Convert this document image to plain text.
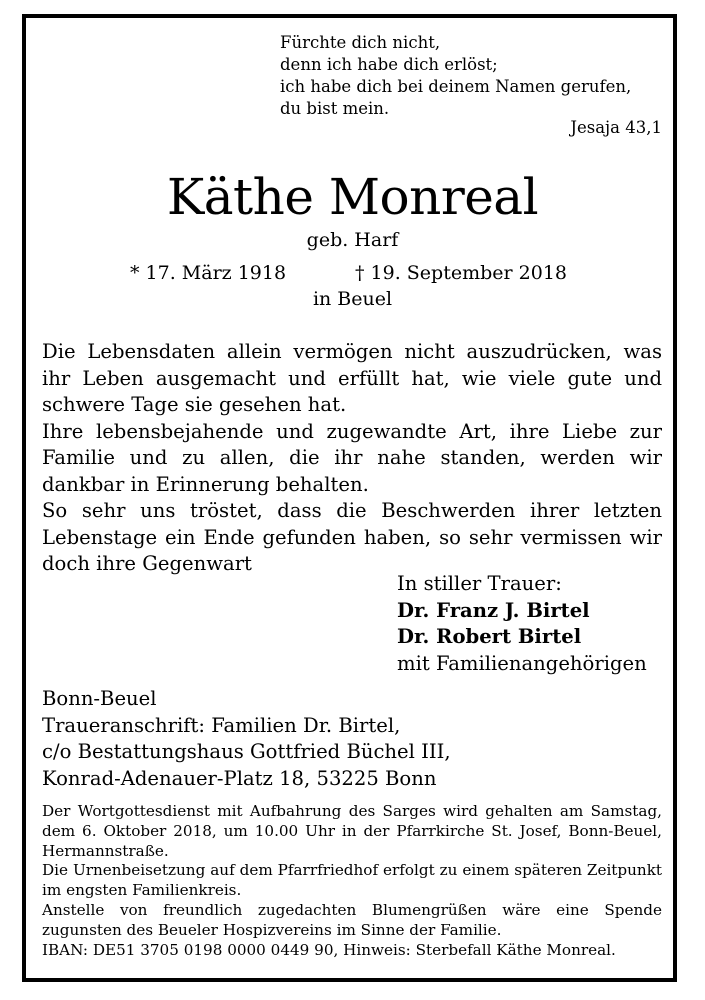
Fürchte dich nicht,
denn ich habe dich erlöst;
ich habe dich bei deinem Namen gerufen,
du bist mein.
Jesaja 43,1
Käthe Monreal
geb. Harf
* 17. März 1918	† 19. September 2018
in Beuel
Die Lebensdaten allein vermögen nicht auszudrücken, was ihr Leben ausgemacht und erfüllt hat, wie viele gute und schwere Tage sie gesehen hat.
Ihre lebensbejahende und zugewandte Art, ihre Liebe zur Familie und zu allen, die ihr nahe standen, werden wir dankbar in Erinnerung behalten.
So sehr uns tröstet, dass die Beschwerden ihrer letzten Lebenstage ein Ende gefunden haben, so sehr vermissen wir doch ihre Gegenwart
In stiller Trauer:
Dr. Franz J. Birtel
Dr. Robert Birtel
mit Familienangehörigen
Bonn-Beuel
Traueranschrift: Familien Dr. Birtel,
c/o Bestattungshaus Gottfried Büchel III,
Konrad-Adenauer-Platz 18, 53225 Bonn
Der Wortgottesdienst mit Aufbahrung des Sarges wird gehalten am Samstag, dem 6. Oktober 2018, um 10.00 Uhr in der Pfarrkirche St. Josef, Bonn-Beuel, Hermannstraße.
Die Urnenbeisetzung auf dem Pfarrfriedhof erfolgt zu einem späteren Zeitpunkt im engsten Familienkreis.
Anstelle von freundlich zugedachten Blumengrüßen wäre eine Spende zugunsten des Beueler Hospizvereins im Sinne der Familie.
IBAN: DE51 3705 0198 0000 0449 90, Hinweis: Sterbefall Käthe Monreal.
